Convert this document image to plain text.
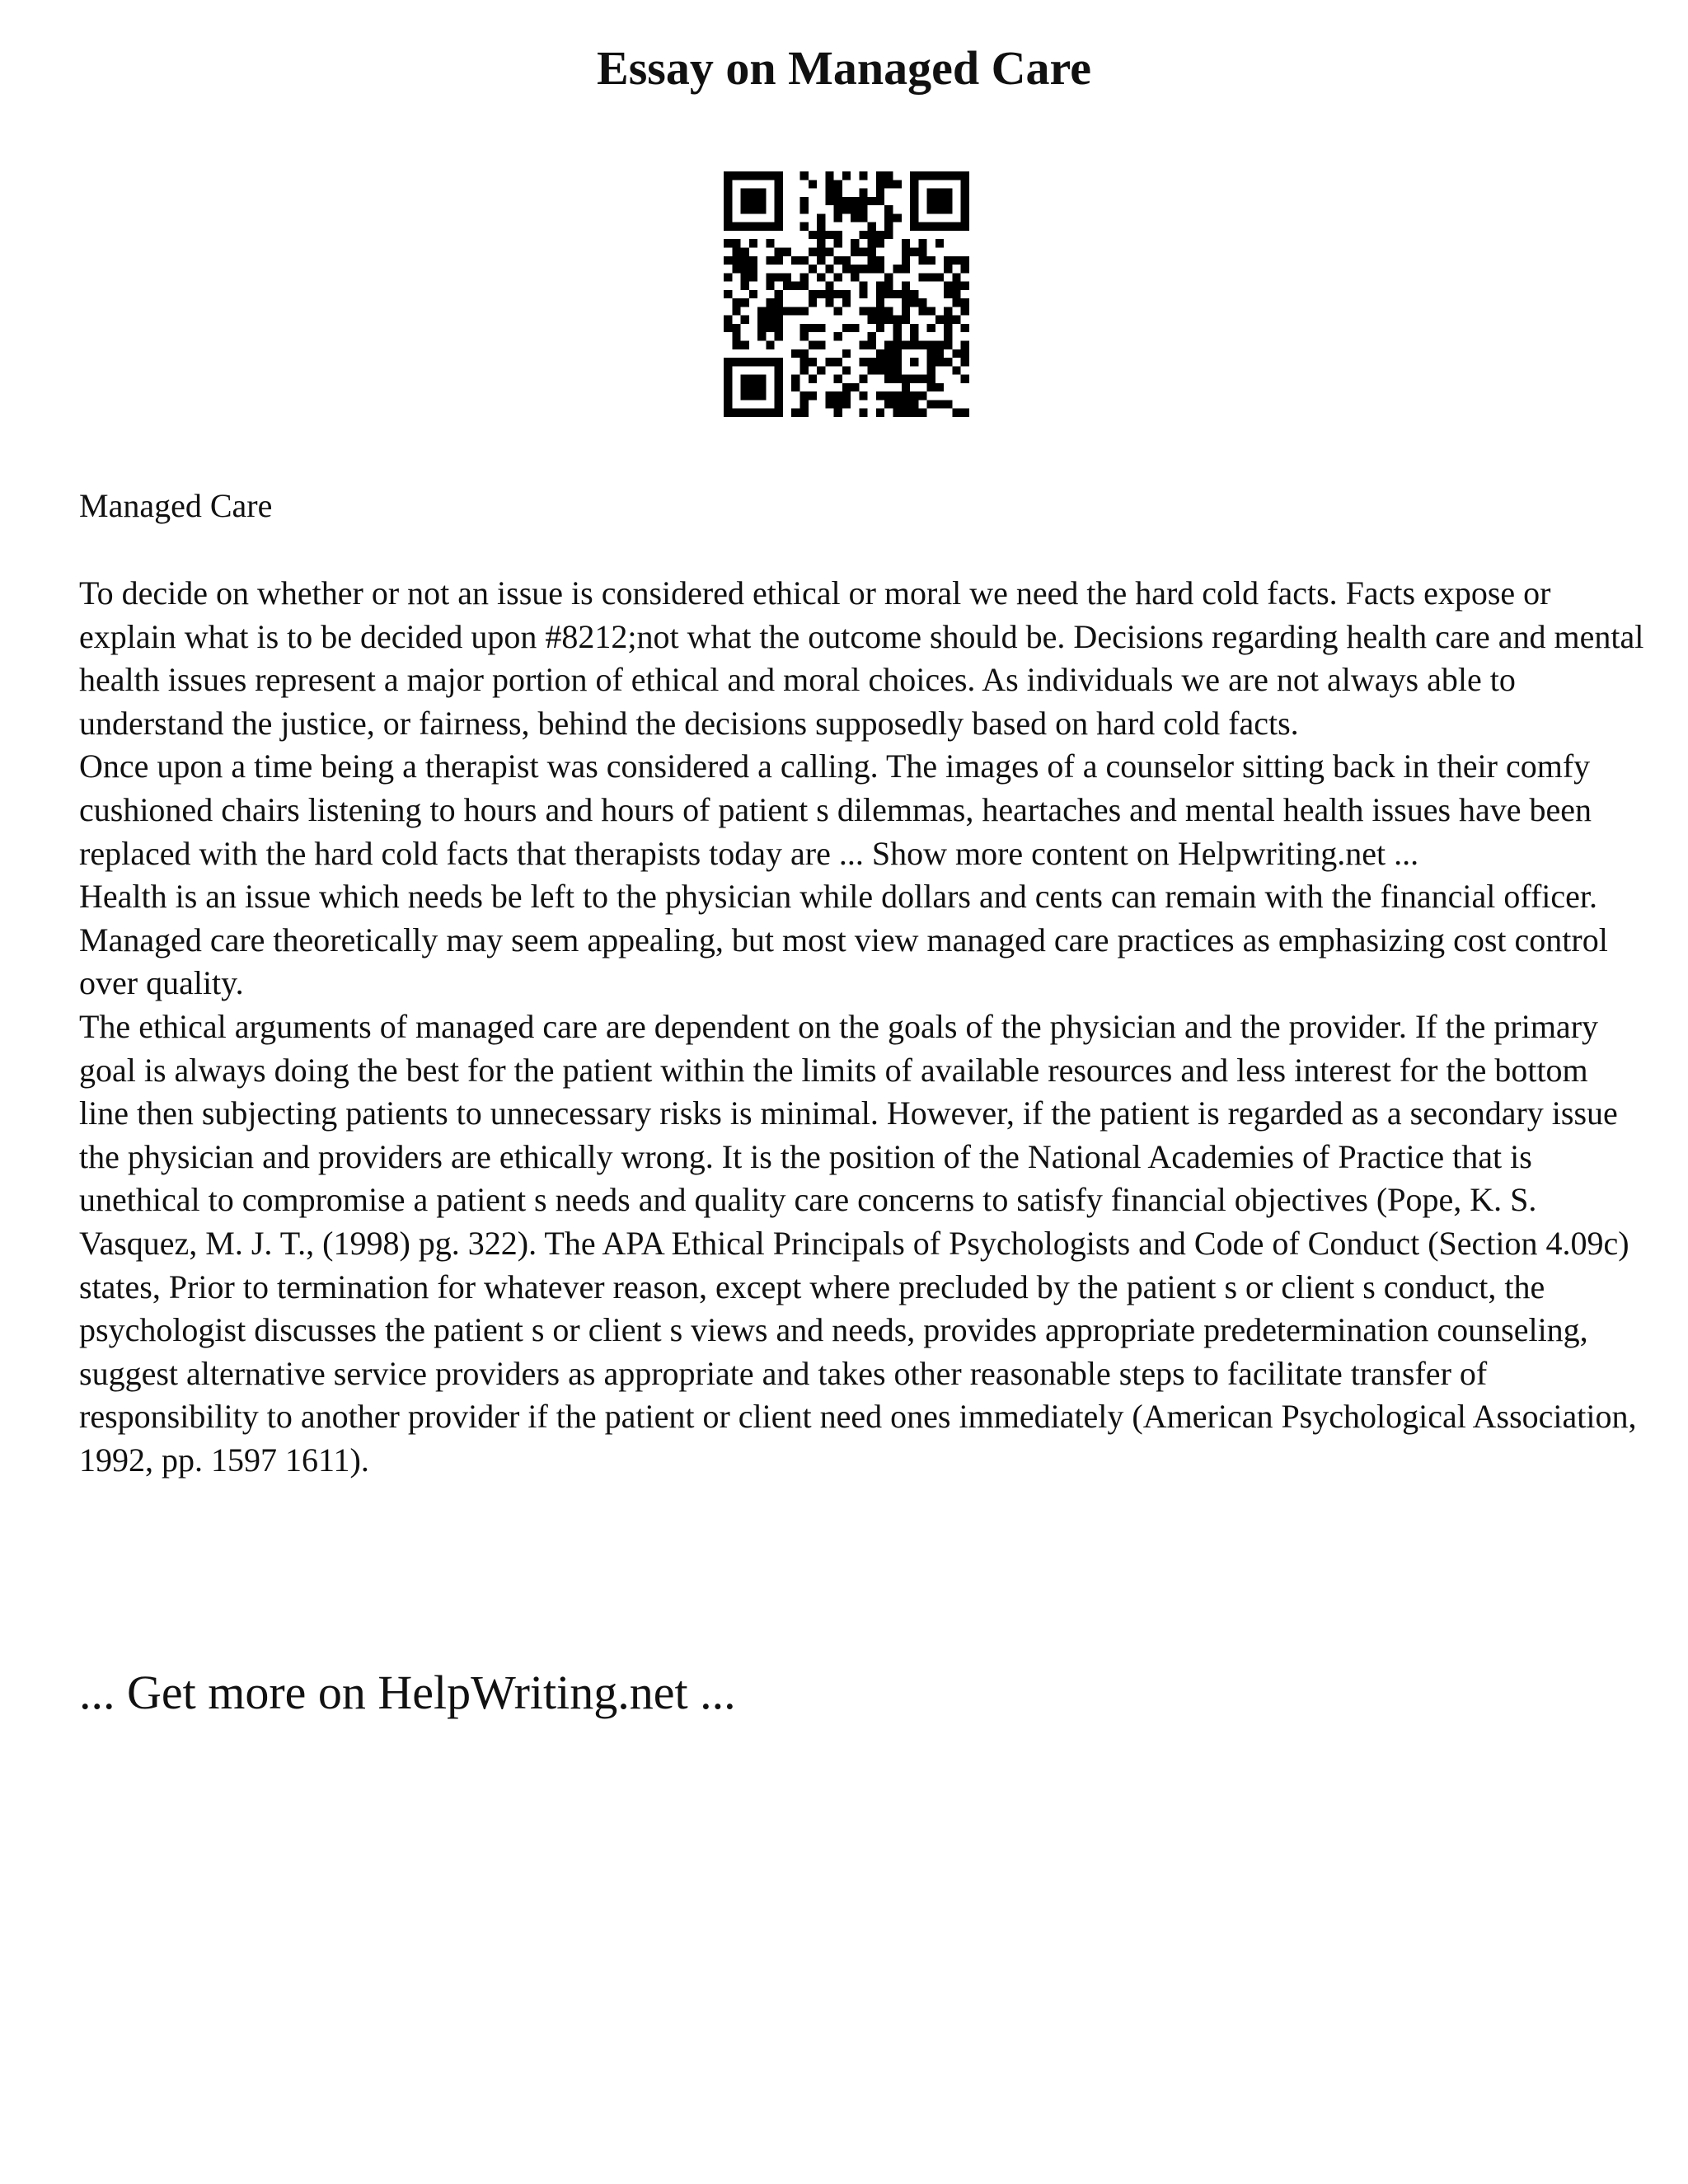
Essay on Managed Care
Managed Care

To decide on whether or not an issue is considered ethical or moral we need the hard cold facts. Facts expose or explain what is to be decided upon #8212;not what the outcome should be. Decisions regarding health care and mental health issues represent a major portion of ethical and moral choices. As individuals we are not always able to understand the justice, or fairness, behind the decisions supposedly based on hard cold facts.

Once upon a time being a therapist was considered a calling. The images of a counselor sitting back in their comfy cushioned chairs listening to hours and hours of patient s dilemmas, heartaches and mental health issues have been replaced with the hard cold facts that therapists today are ... Show more content on Helpwriting.net ...

Health is an issue which needs be left to the physician while dollars and cents can remain with the financial officer. Managed care theoretically may seem appealing, but most view managed care practices as emphasizing cost control over quality.

The ethical arguments of managed care are dependent on the goals of the physician and the provider. If the primary goal is always doing the best for the patient within the limits of available resources and less interest for the bottom line then subjecting patients to unnecessary risks is minimal. However, if the patient is regarded as a secondary issue the physician and providers are ethically wrong. It is the position of the National Academies of Practice that is unethical to compromise a patient s needs and quality care concerns to satisfy financial objectives (Pope, K. S. Vasquez, M. J. T., (1998) pg. 322). The APA Ethical Principals of Psychologists and Code of Conduct (Section 4.09c) states, Prior to termination for whatever reason, except where precluded by the patient s or client s conduct, the psychologist discusses the patient s or client s views and needs, provides appropriate predetermination counseling, suggest alternative service providers as appropriate and takes other reasonable steps to facilitate transfer of responsibility to another provider if the patient or client need ones immediately (American Psychological Association, 1992, pp. 1597 1611).

... Get more on HelpWriting.net ...
